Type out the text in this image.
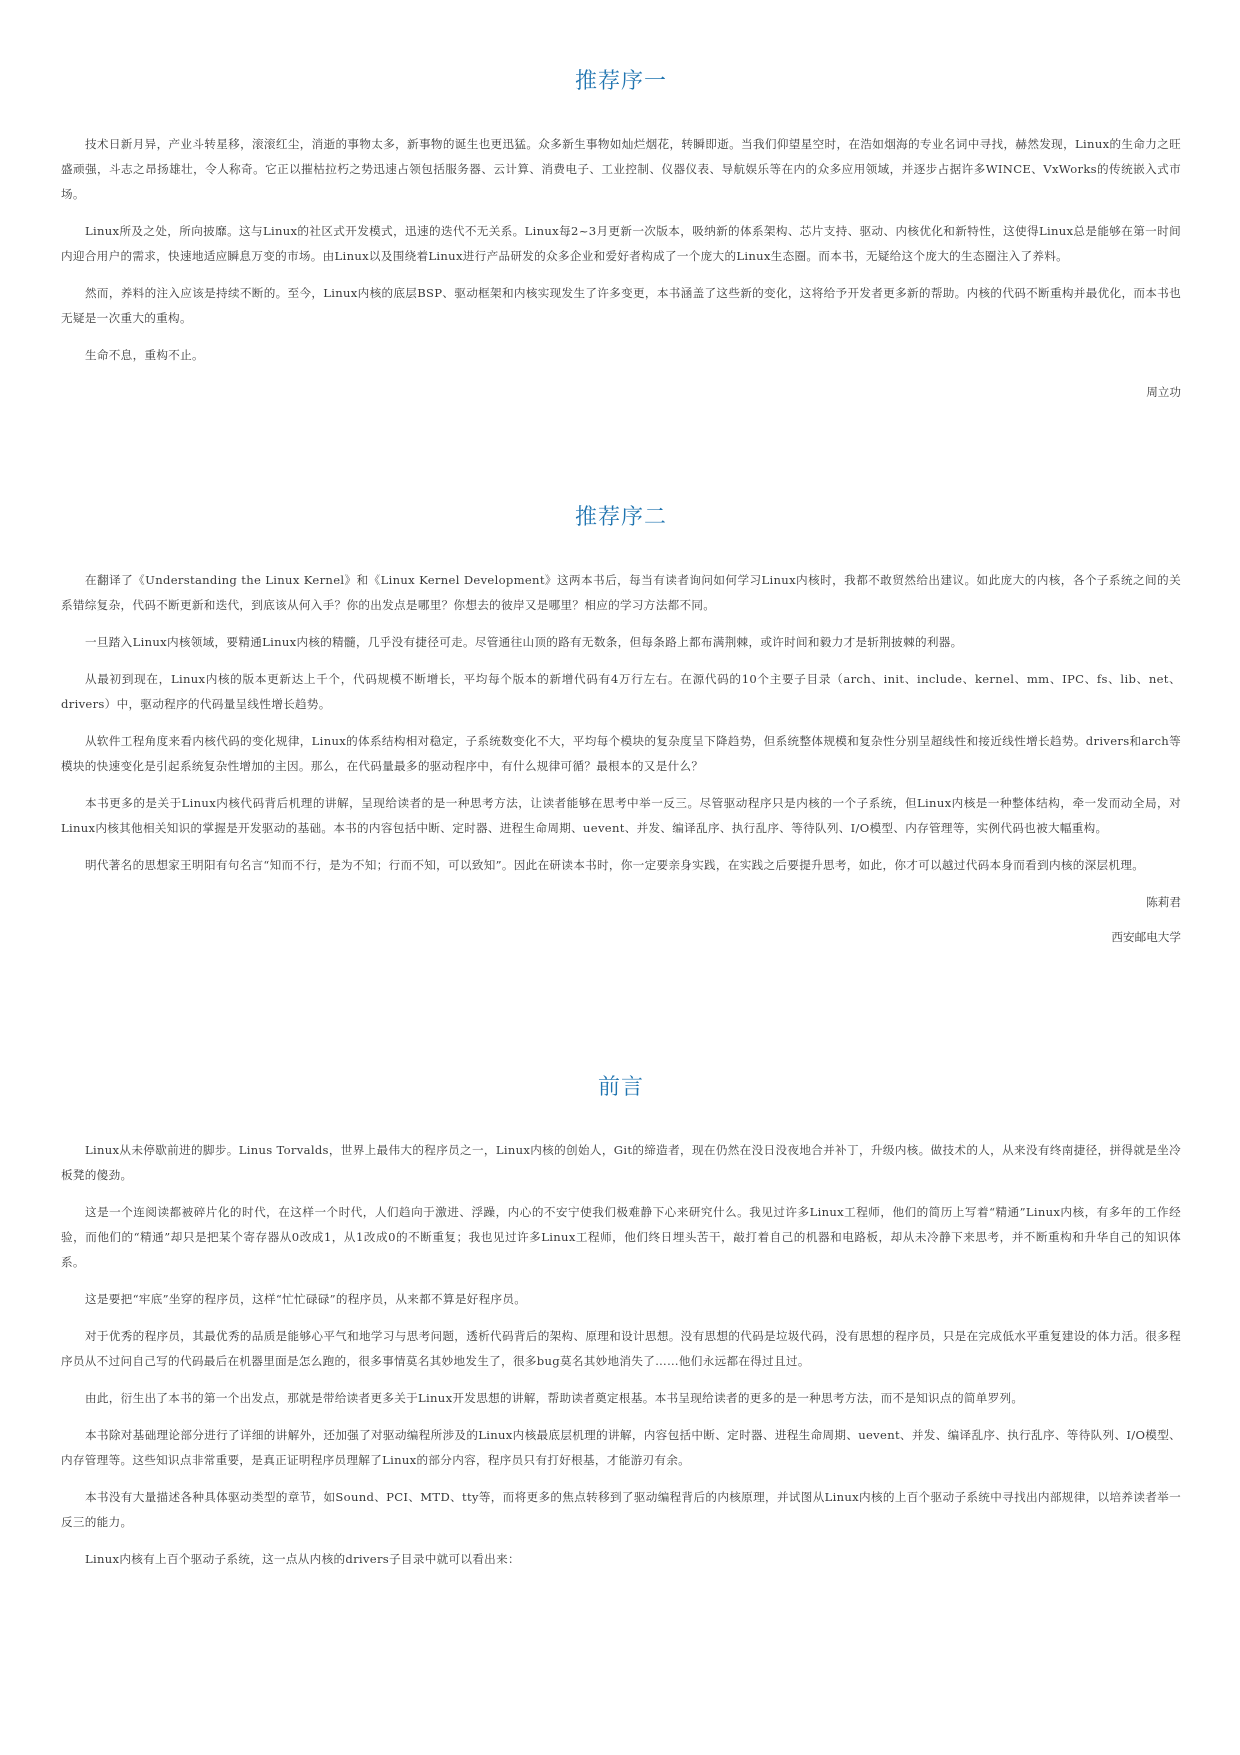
推荐序一

技术日新月异，产业斗转星移，滚滚红尘，消逝的事物太多，新事物的诞生也更迅猛。众多新生事物如灿烂烟花，转瞬即逝。当我们仰望星空时，在浩如烟海的专业名词中寻找，赫然发现，Linux的生命力之旺盛顽强，斗志之昂扬雄壮，令人称奇。它正以摧枯拉朽之势迅速占领包括服务器、云计算、消费电子、工业控制、仪器仪表、导航娱乐等在内的众多应用领域，并逐步占据许多WINCE、VxWorks的传统嵌入式市场。

Linux所及之处，所向披靡。这与Linux的社区式开发模式，迅速的迭代不无关系。Linux每2~3月更新一次版本，吸纳新的体系架构、芯片支持、驱动、内核优化和新特性，这使得Linux总是能够在第一时间内迎合用户的需求，快速地适应瞬息万变的市场。由Linux以及围绕着Linux进行产品研发的众多企业和爱好者构成了一个庞大的Linux生态圈。而本书，无疑给这个庞大的生态圈注入了养料。

然而，养料的注入应该是持续不断的。至今，Linux内核的底层BSP、驱动框架和内核实现发生了许多变更，本书涵盖了这些新的变化，这将给予开发者更多新的帮助。内核的代码不断重构并最优化，而本书也无疑是一次重大的重构。

生命不息，重构不止。

周立功

推荐序二

在翻译了《Understanding the Linux Kernel》和《Linux Kernel Development》这两本书后，每当有读者询问如何学习Linux内核时，我都不敢贸然给出建议。如此庞大的内核，各个子系统之间的关系错综复杂，代码不断更新和迭代，到底该从何入手？你的出发点是哪里？你想去的彼岸又是哪里？相应的学习方法都不同。

一旦踏入Linux内核领域，要精通Linux内核的精髓，几乎没有捷径可走。尽管通往山顶的路有无数条，但每条路上都布满荆棘，或许时间和毅力才是斩荆披棘的利器。

从最初到现在，Linux内核的版本更新达上千个，代码规模不断增长，平均每个版本的新增代码有4万行左右。在源代码的10个主要子目录（arch、init、include、kernel、mm、IPC、fs、lib、net、drivers）中，驱动程序的代码量呈线性增长趋势。

从软件工程角度来看内核代码的变化规律，Linux的体系结构相对稳定，子系统数变化不大，平均每个模块的复杂度呈下降趋势，但系统整体规模和复杂性分别呈超线性和接近线性增长趋势。drivers和arch等模块的快速变化是引起系统复杂性增加的主因。那么，在代码量最多的驱动程序中，有什么规律可循？最根本的又是什么？

本书更多的是关于Linux内核代码背后机理的讲解，呈现给读者的是一种思考方法，让读者能够在思考中举一反三。尽管驱动程序只是内核的一个子系统，但Linux内核是一种整体结构，牵一发而动全局，对Linux内核其他相关知识的掌握是开发驱动的基础。本书的内容包括中断、定时器、进程生命周期、uevent、并发、编译乱序、执行乱序、等待队列、I/O模型、内存管理等，实例代码也被大幅重构。

明代著名的思想家王明阳有句名言“知而不行，是为不知；行而不知，可以致知”。因此在研读本书时，你一定要亲身实践，在实践之后要提升思考，如此，你才可以越过代码本身而看到内核的深层机理。

陈莉君

西安邮电大学

前言

Linux从未停歇前进的脚步。Linus Torvalds，世界上最伟大的程序员之一，Linux内核的创始人，Git的缔造者，现在仍然在没日没夜地合并补丁，升级内核。做技术的人，从来没有终南捷径，拼得就是坐冷板凳的傻劲。

这是一个连阅读都被碎片化的时代，在这样一个时代，人们趋向于激进、浮躁，内心的不安宁使我们极难静下心来研究什么。我见过许多Linux工程师，他们的简历上写着“精通”Linux内核，有多年的工作经验，而他们的“精通”却只是把某个寄存器从0改成1，从1改成0的不断重复；我也见过许多Linux工程师，他们终日埋头苦干，敲打着自己的机器和电路板，却从未冷静下来思考，并不断重构和升华自己的知识体系。

这是要把“牢底”坐穿的程序员，这样“忙忙碌碌”的程序员，从来都不算是好程序员。

对于优秀的程序员，其最优秀的品质是能够心平气和地学习与思考问题，透析代码背后的架构、原理和设计思想。没有思想的代码是垃圾代码，没有思想的程序员，只是在完成低水平重复建设的体力活。很多程序员从不过问自己写的代码最后在机器里面是怎么跑的，很多事情莫名其妙地发生了，很多bug莫名其妙地消失了……他们永远都在得过且过。

由此，衍生出了本书的第一个出发点，那就是带给读者更多关于Linux开发思想的讲解，帮助读者奠定根基。本书呈现给读者的更多的是一种思考方法，而不是知识点的简单罗列。

本书除对基础理论部分进行了详细的讲解外，还加强了对驱动编程所涉及的Linux内核最底层机理的讲解，内容包括中断、定时器、进程生命周期、uevent、并发、编译乱序、执行乱序、等待队列、I/O模型、内存管理等。这些知识点非常重要，是真正证明程序员理解了Linux的部分内容，程序员只有打好根基，才能游刃有余。

本书没有大量描述各种具体驱动类型的章节，如Sound、PCI、MTD、tty等，而将更多的焦点转移到了驱动编程背后的内核原理，并试图从Linux内核的上百个驱动子系统中寻找出内部规律，以培养读者举一反三的能力。

Linux内核有上百个驱动子系统，这一点从内核的drivers子目录中就可以看出来：
